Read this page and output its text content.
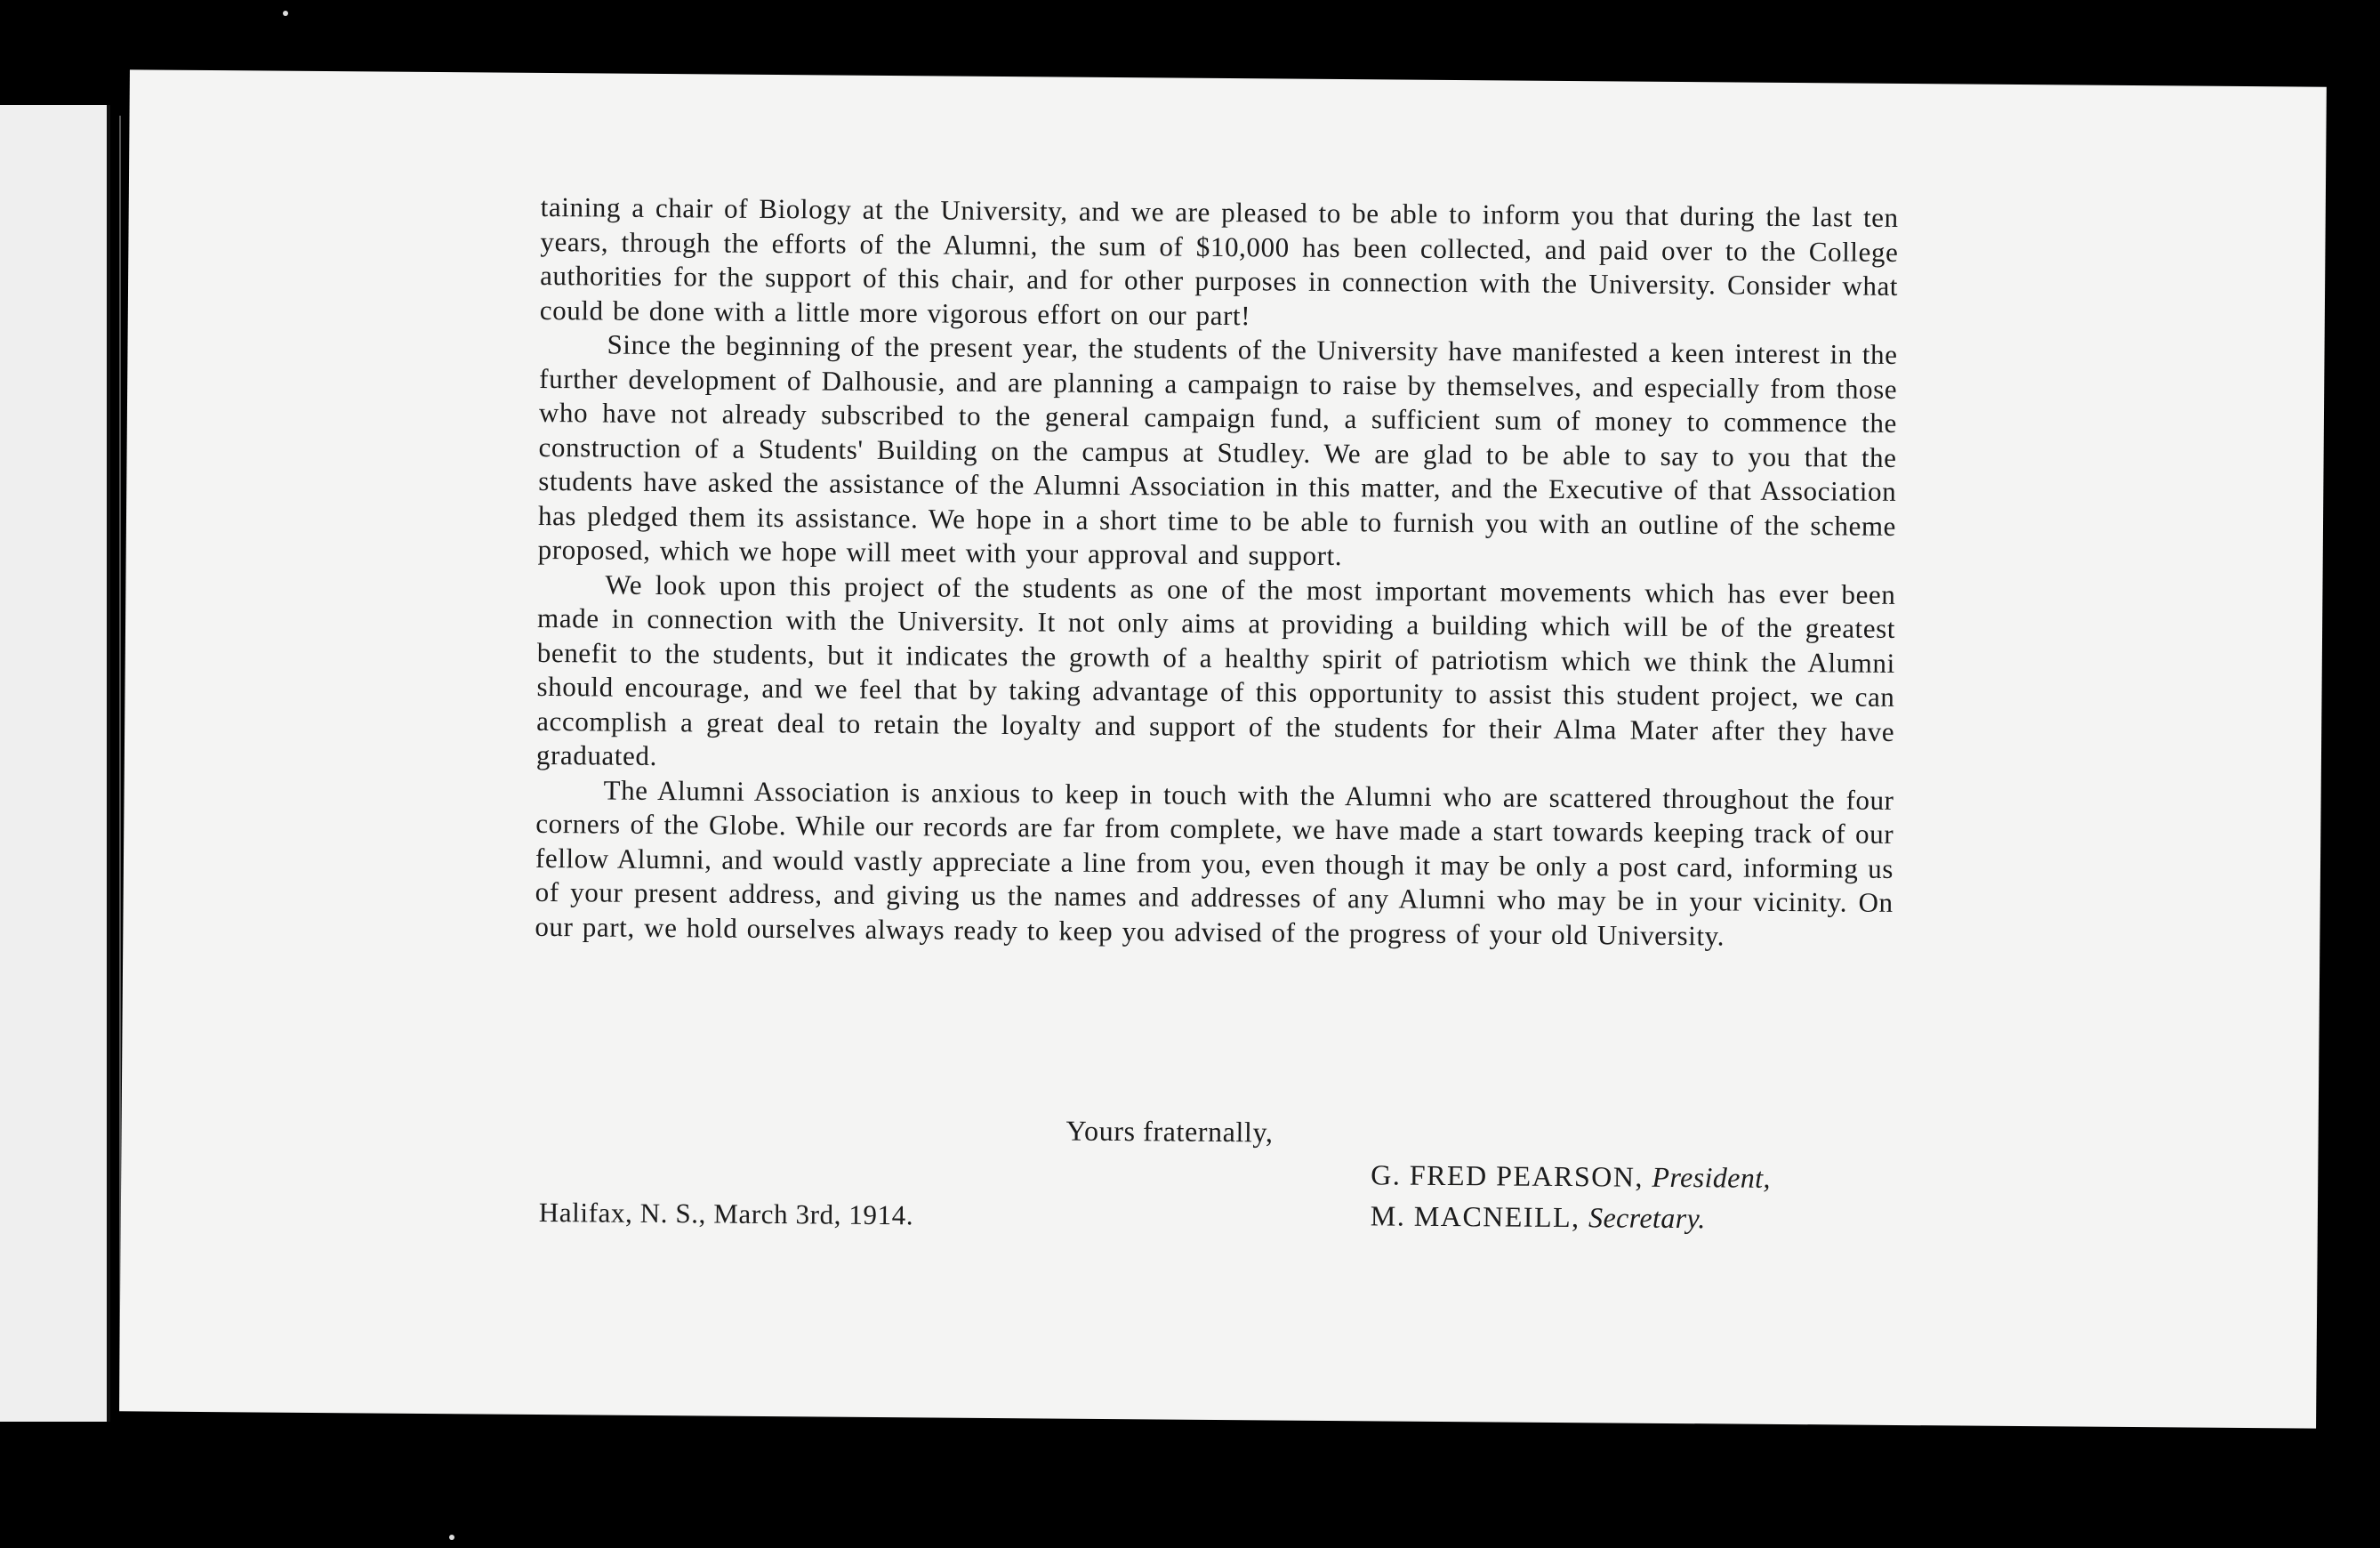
taining a chair of Biology at the University, and we are pleased to be able to inform you that during the last ten years, through the efforts of the Alumni, the sum of $10,000 has been collected, and paid over to the College authorities for the support of this chair, and for other purposes in connection with the University. Consider what could be done with a little more vigorous effort on our part!

Since the beginning of the present year, the students of the University have manifested a keen interest in the further development of Dalhousie, and are planning a campaign to raise by themselves, and especially from those who have not already subscribed to the general campaign fund, a sufficient sum of money to commence the construction of a Students' Building on the campus at Studley. We are glad to be able to say to you that the students have asked the assistance of the Alumni Association in this matter, and the Executive of that Association has pledged them its assistance. We hope in a short time to be able to furnish you with an outline of the scheme proposed, which we hope will meet with your approval and support.

We look upon this project of the students as one of the most important movements which has ever been made in connection with the University. It not only aims at providing a building which will be of the greatest benefit to the students, but it indicates the growth of a healthy spirit of patriotism which we think the Alumni should encourage, and we feel that by taking advantage of this opportunity to assist this student project, we can accomplish a great deal to retain the loyalty and support of the students for their Alma Mater after they have graduated.

The Alumni Association is anxious to keep in touch with the Alumni who are scattered throughout the four corners of the Globe. While our records are far from complete, we have made a start towards keeping track of our fellow Alumni, and would vastly appreciate a line from you, even though it may be only a post card, informing us of your present address, and giving us the names and addresses of any Alumni who may be in your vicinity. On our part, we hold ourselves always ready to keep you advised of the progress of your old University.

Yours fraternally,
G. FRED PEARSON, President,
M. MACNEILL, Secretary.
Halifax, N. S., March 3rd, 1914.
